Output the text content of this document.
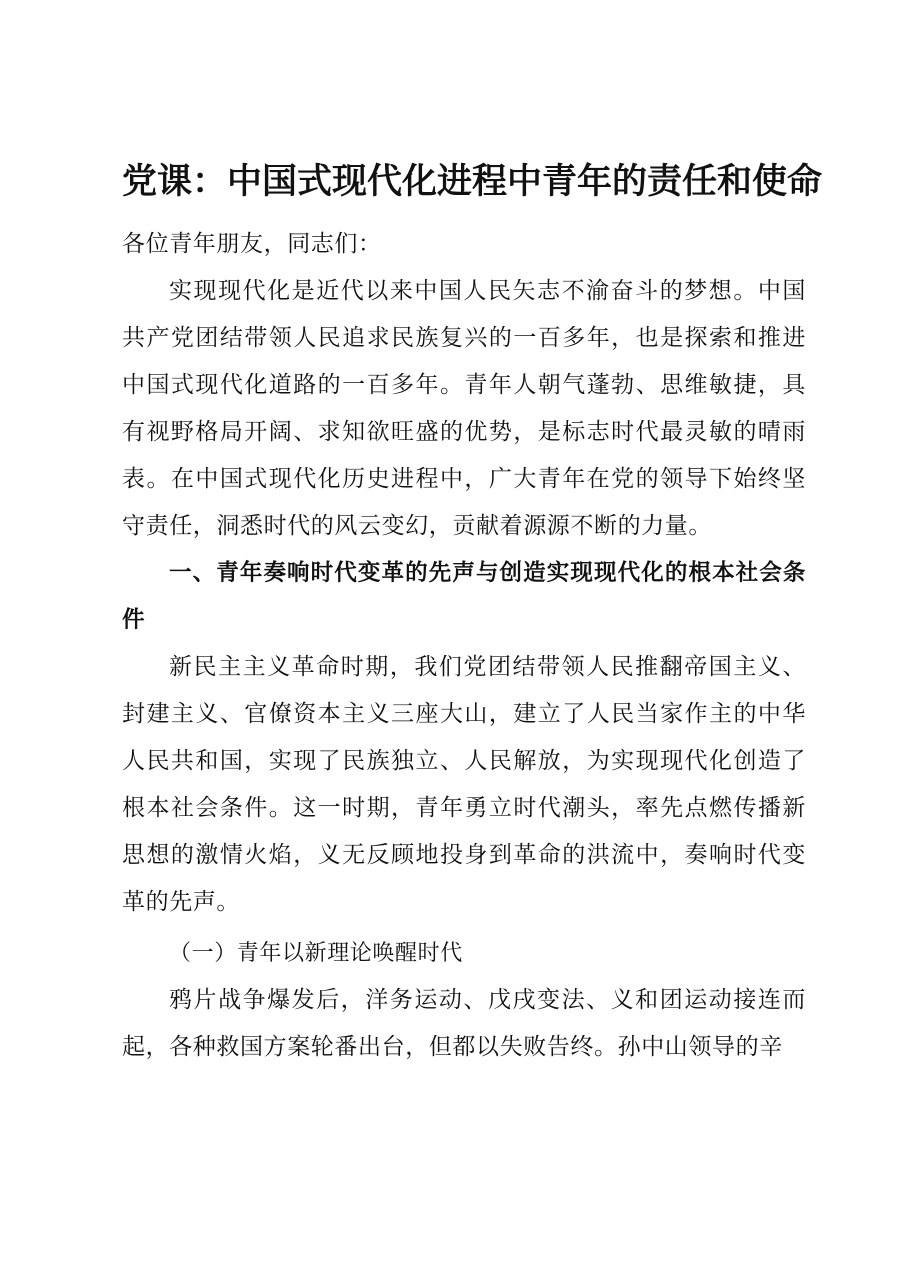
党课：中国式现代化进程中青年的责任和使命

各位青年朋友，同志们：

实现现代化是近代以来中国人民矢志不渝奋斗的梦想。中国共产党团结带领人民追求民族复兴的一百多年，也是探索和推进中国式现代化道路的一百多年。青年人朝气蓬勃、思维敏捷，具有视野格局开阔、求知欲旺盛的优势，是标志时代最灵敏的晴雨表。在中国式现代化历史进程中，广大青年在党的领导下始终坚守责任，洞悉时代的风云变幻，贡献着源源不断的力量。

一、青年奏响时代变革的先声与创造实现现代化的根本社会条件

新民主主义革命时期，我们党团结带领人民推翻帝国主义、封建主义、官僚资本主义三座大山，建立了人民当家作主的中华人民共和国，实现了民族独立、人民解放，为实现现代化创造了根本社会条件。这一时期，青年勇立时代潮头，率先点燃传播新思想的激情火焰，义无反顾地投身到革命的洪流中，奏响时代变革的先声。

（一）青年以新理论唤醒时代

鸦片战争爆发后，洋务运动、戊戌变法、义和团运动接连而起，各种救国方案轮番出台，但都以失败告终。孙中山领导的辛
